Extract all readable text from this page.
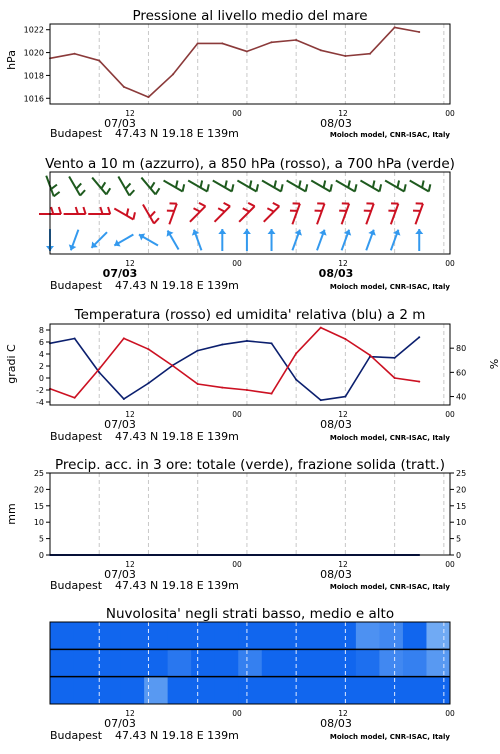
Pressione al livello medio del mare
hPa
1016
1018
1020
1022
12	00	12	00
07/03	08/03
Budapest 47.43 N 19.18 E 139m	Moloch model, CNR-ISAC, Italy
Vento a 10 m (azzurro), a 850 hPa (rosso), a 700 hPa (verde)
12	00	12	00
07/03	08/03
Budapest 47.43 N 19.18 E 139m	Moloch model, CNR-ISAC, Italy
Temperatura (rosso) ed umidita' relativa (blu) a 2 m
gradi C	%
-4
-2
0
2
4
6
8
40
60
80
12	00	12	00
07/03	08/03
Budapest 47.43 N 19.18 E 139m	Moloch model, CNR-ISAC, Italy
Precip. acc. in 3 ore: totale (verde), frazione solida (tratt.)
mm
0
5
10
15
20
25
0
5
10
15
20
25
12	00	12	00
07/03	08/03
Budapest 47.43 N 19.18 E 139m	Moloch model, CNR-ISAC, Italy
Nuvolosita' negli strati basso, medio e alto
12	00	12	00
07/03	08/03
Budapest 47.43 N 19.18 E 139m	Moloch model, CNR-ISAC, Italy
